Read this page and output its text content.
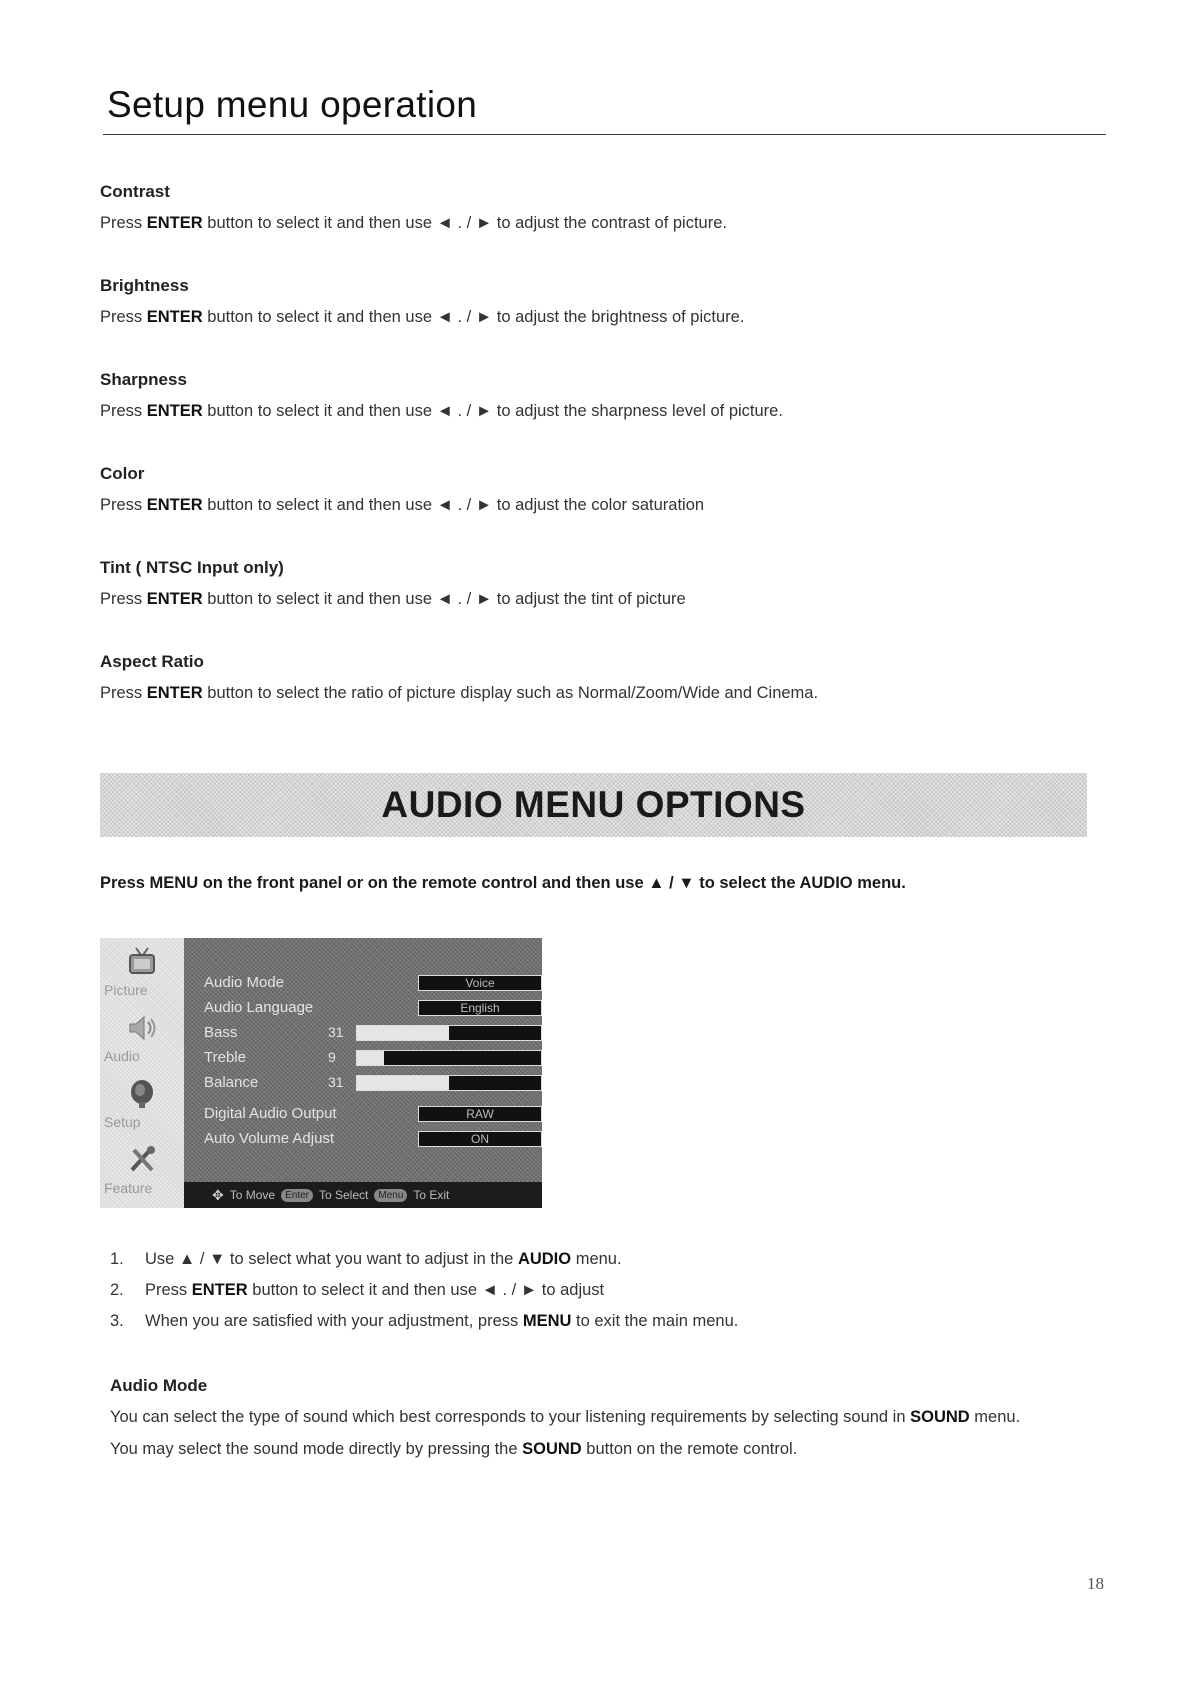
Setup menu operation
Contrast
Press ENTER button to select it and then use ◄ . / ► to adjust the contrast of picture.
Brightness
Press ENTER button to select it and then use ◄ . / ► to adjust the brightness of picture.
Sharpness
Press ENTER button to select it and then use ◄ . / ► to adjust the sharpness level of picture.
Color
Press ENTER button to select it and then use ◄ . / ► to adjust the color saturation
Tint ( NTSC Input only)
Press ENTER button to select it and then use ◄ . / ► to adjust the tint of picture
Aspect Ratio
Press ENTER button to select the ratio of picture display such as Normal/Zoom/Wide and Cinema.
AUDIO MENU OPTIONS
Press MENU on the front panel or on the remote control and then use ▲ / ▼ to select the AUDIO menu.
Picture
Audio
Setup
Feature
Audio Mode	Voice
Audio Language	English
Bass	31
Treble	9
Balance	31
Digital Audio Output	RAW
Auto Volume Adjust	ON
✥ To Move	Enter To Select	Menu To Exit
1. Use ▲ / ▼ to select what you want to adjust in the AUDIO menu.
2. Press ENTER button to select it and then use ◄ . / ► to adjust
3. When you are satisfied with your adjustment, press MENU to exit the main menu.
Audio Mode
You can select the type of sound which best corresponds to your listening requirements by selecting sound in SOUND menu.
You may select the sound mode directly by pressing the SOUND button on the remote control.
18
